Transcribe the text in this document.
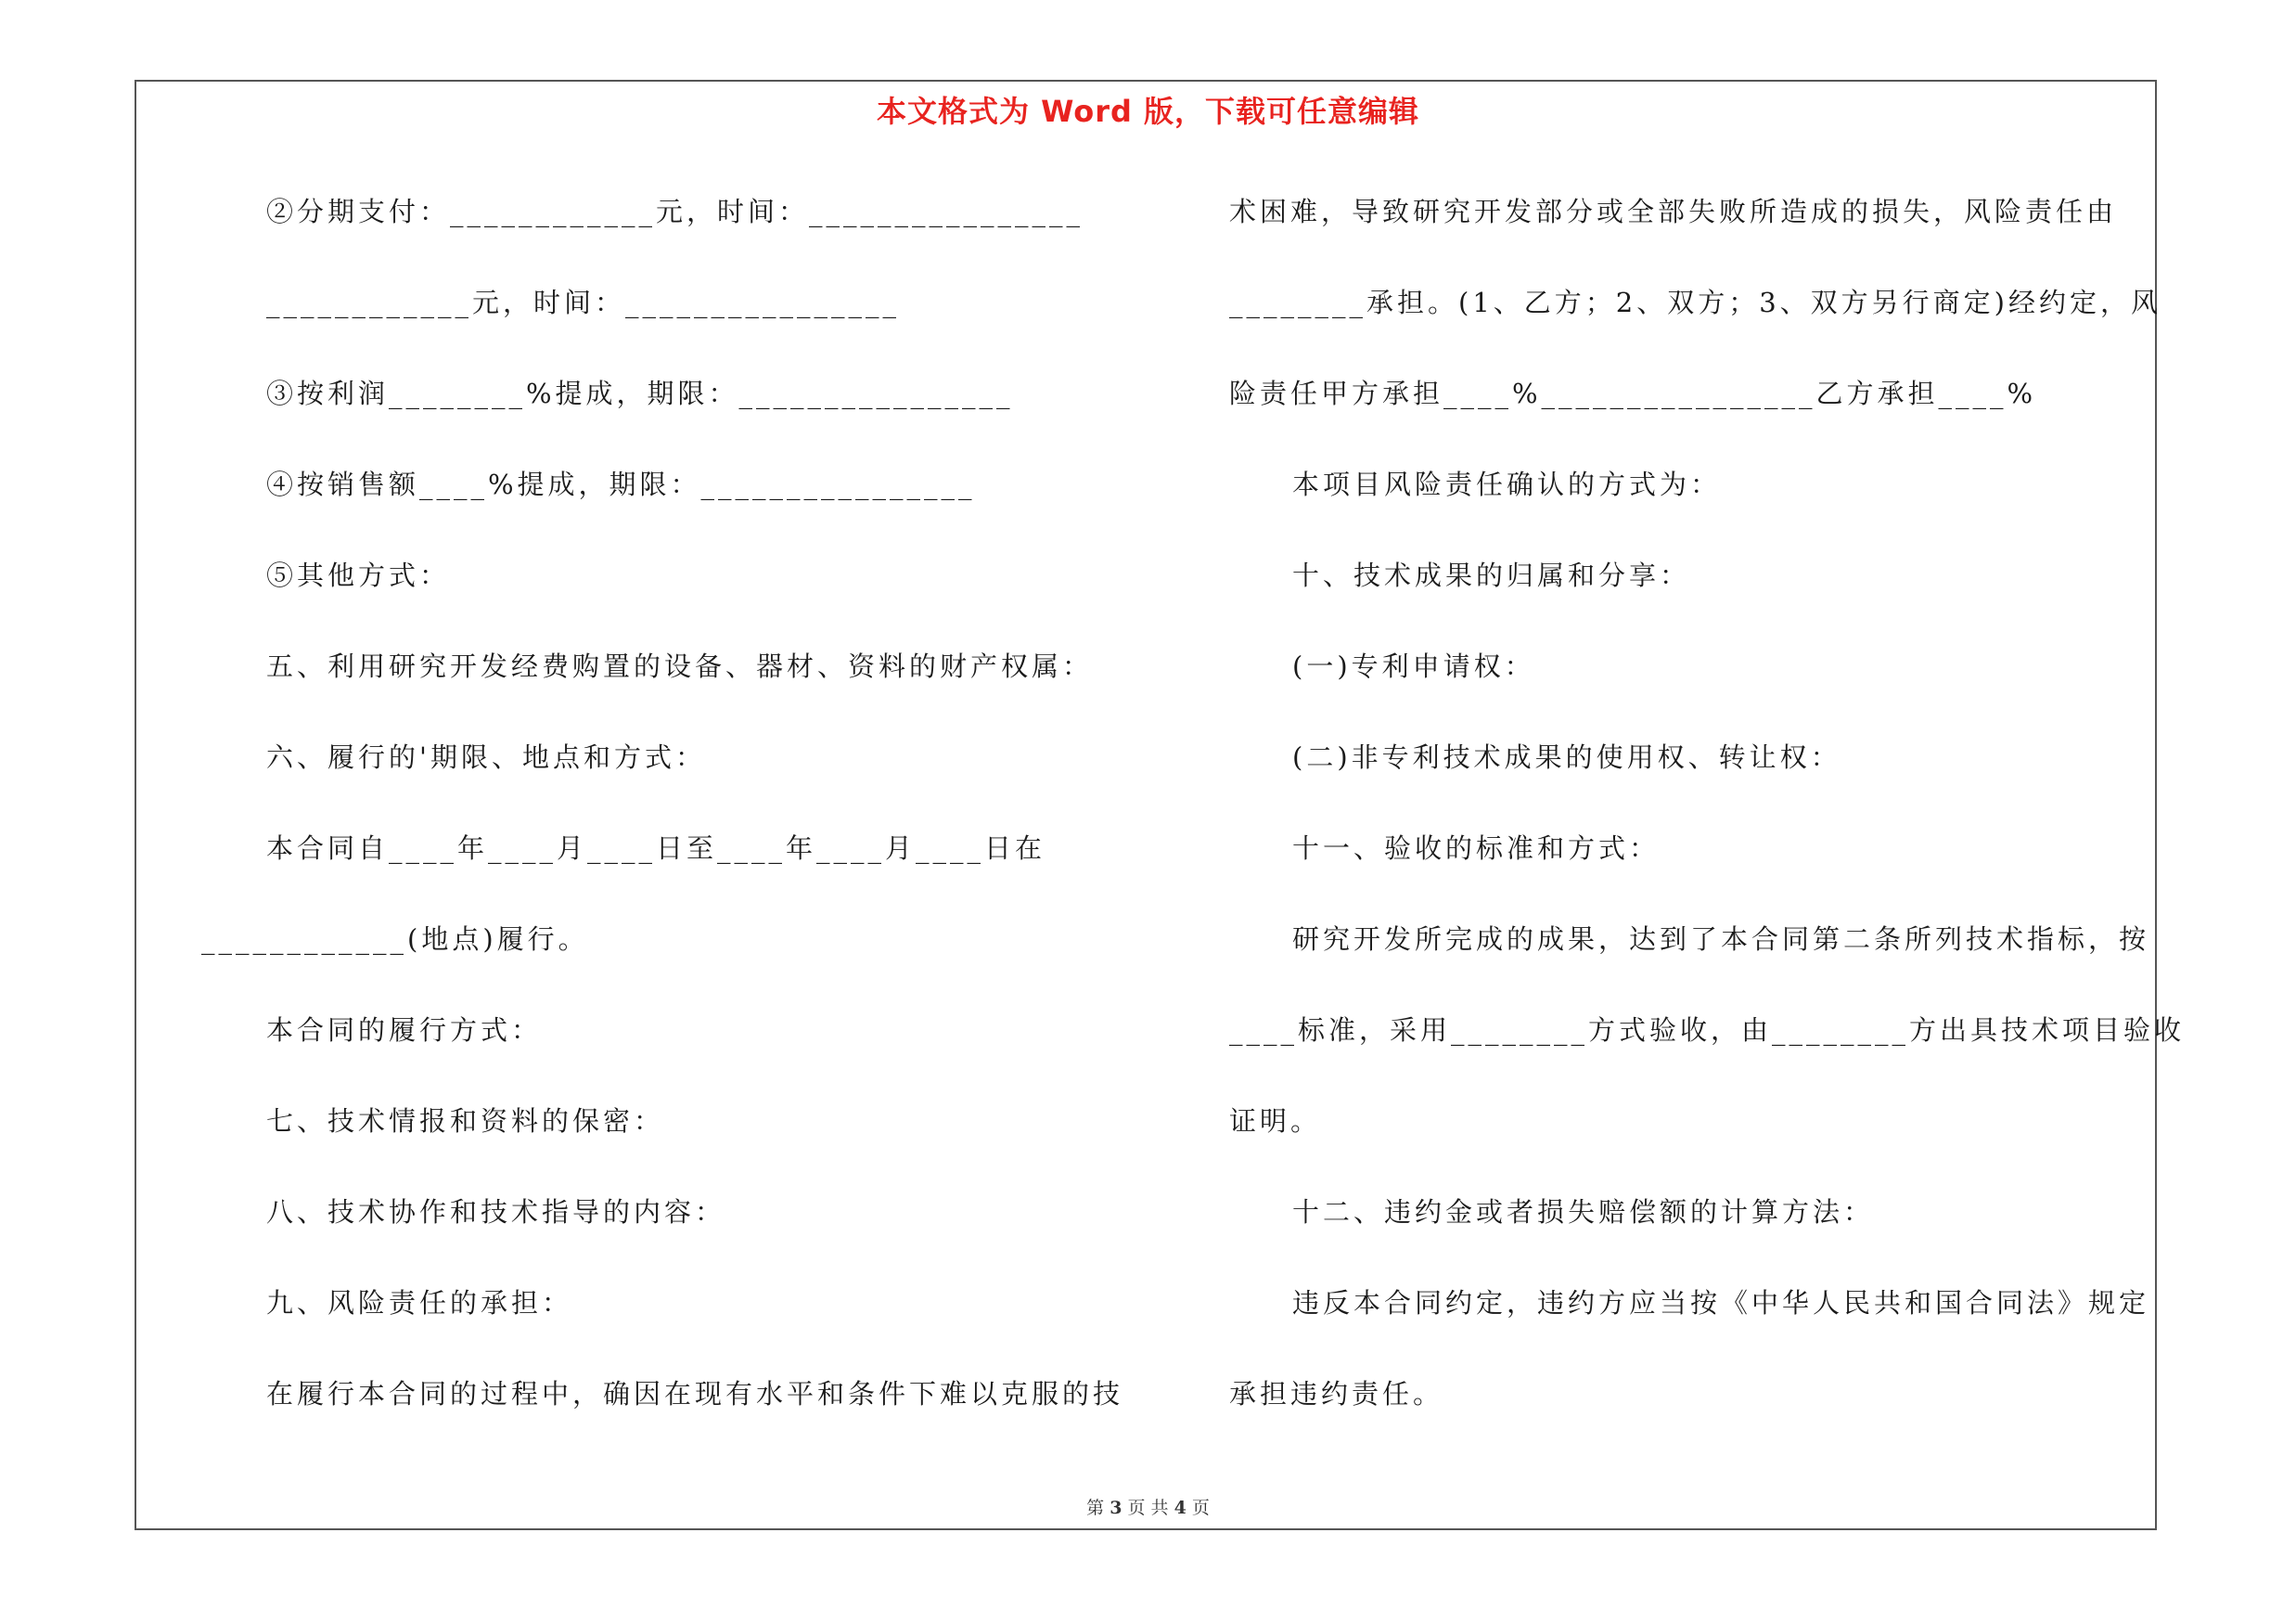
本文格式为 Word 版，下载可任意编辑
②分期支付：____________元，时间：________________
____________元，时间：________________
③按利润________%提成，期限：________________
④按销售额____%提成，期限：________________
⑤其他方式：
五、利用研究开发经费购置的设备、器材、资料的财产权属：
六、履行的'期限、地点和方式：
本合同自____年____月____日至____年____月____日在
____________(地点)履行。
本合同的履行方式：
七、技术情报和资料的保密：
八、技术协作和技术指导的内容：
九、风险责任的承担：
在履行本合同的过程中，确因在现有水平和条件下难以克服的技
术困难，导致研究开发部分或全部失败所造成的损失，风险责任由
________承担。(1、乙方；2、双方；3、双方另行商定)经约定，风
险责任甲方承担____%________________乙方承担____%
本项目风险责任确认的方式为：
十、技术成果的归属和分享：
(一)专利申请权：
(二)非专利技术成果的使用权、转让权：
十一、验收的标准和方式：
研究开发所完成的成果，达到了本合同第二条所列技术指标，按
____标准，采用________方式验收，由________方出具技术项目验收
证明。
十二、违约金或者损失赔偿额的计算方法：
违反本合同约定，违约方应当按《中华人民共和国合同法》规定
承担违约责任。
第 3 页 共 4 页
